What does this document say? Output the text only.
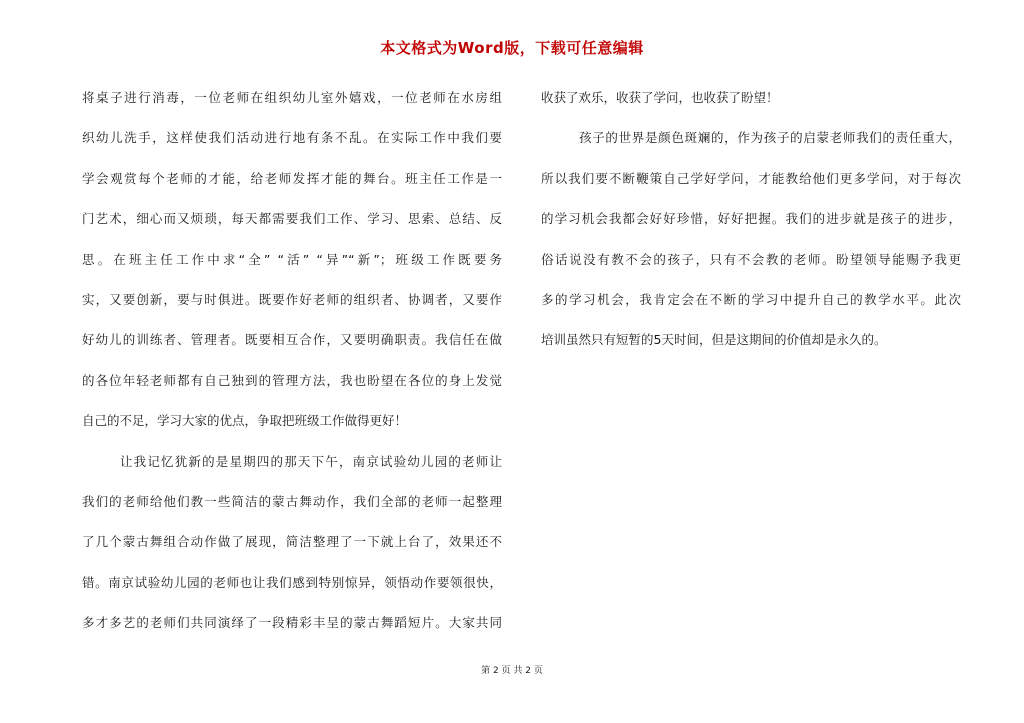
本文格式为Word版，下载可任意编辑
将桌子进行消毒，一位老师在组织幼儿室外嬉戏，一位老师在水房组
织幼儿洗手，这样使我们活动进行地有条不乱。在实际工作中我们要
学会观赏每个老师的才能，给老师发挥才能的舞台。班主任工作是一
门艺术，细心而又烦琐，每天都需要我们工作、学习、思索、总结、反
思。在班主任工作中求“全” “活” “异”“新”；班级工作既要务
实，又要创新，要与时俱进。既要作好老师的组织者、协调者，又要作
好幼儿的训练者、管理者。既要相互合作，又要明确职责。我信任在做
的各位年轻老师都有自己独到的管理方法，我也盼望在各位的身上发觉
自己的不足，学习大家的优点，争取把班级工作做得更好！
让我记忆犹新的是星期四的那天下午，南京试验幼儿园的老师让
我们的老师给他们教一些简洁的蒙古舞动作，我们全部的老师一起整理
了几个蒙古舞组合动作做了展现，简洁整理了一下就上台了，效果还不
错。南京试验幼儿园的老师也让我们感到特别惊异，领悟动作要领很快，
多才多艺的老师们共同演绎了一段精彩丰呈的蒙古舞蹈短片。大家共同
收获了欢乐，收获了学问，也收获了盼望！
孩子的世界是颜色斑斓的，作为孩子的启蒙老师我们的责任重大，
所以我们要不断鞭策自己学好学问，才能教给他们更多学问，对于每次
的学习机会我都会好好珍惜，好好把握。我们的进步就是孩子的进步，
俗话说没有教不会的孩子，只有不会教的老师。盼望领导能赐予我更
多的学习机会，我肯定会在不断的学习中提升自己的教学水平。此次
培训虽然只有短暂的5天时间，但是这期间的价值却是永久的。
第 2 页 共 2 页
